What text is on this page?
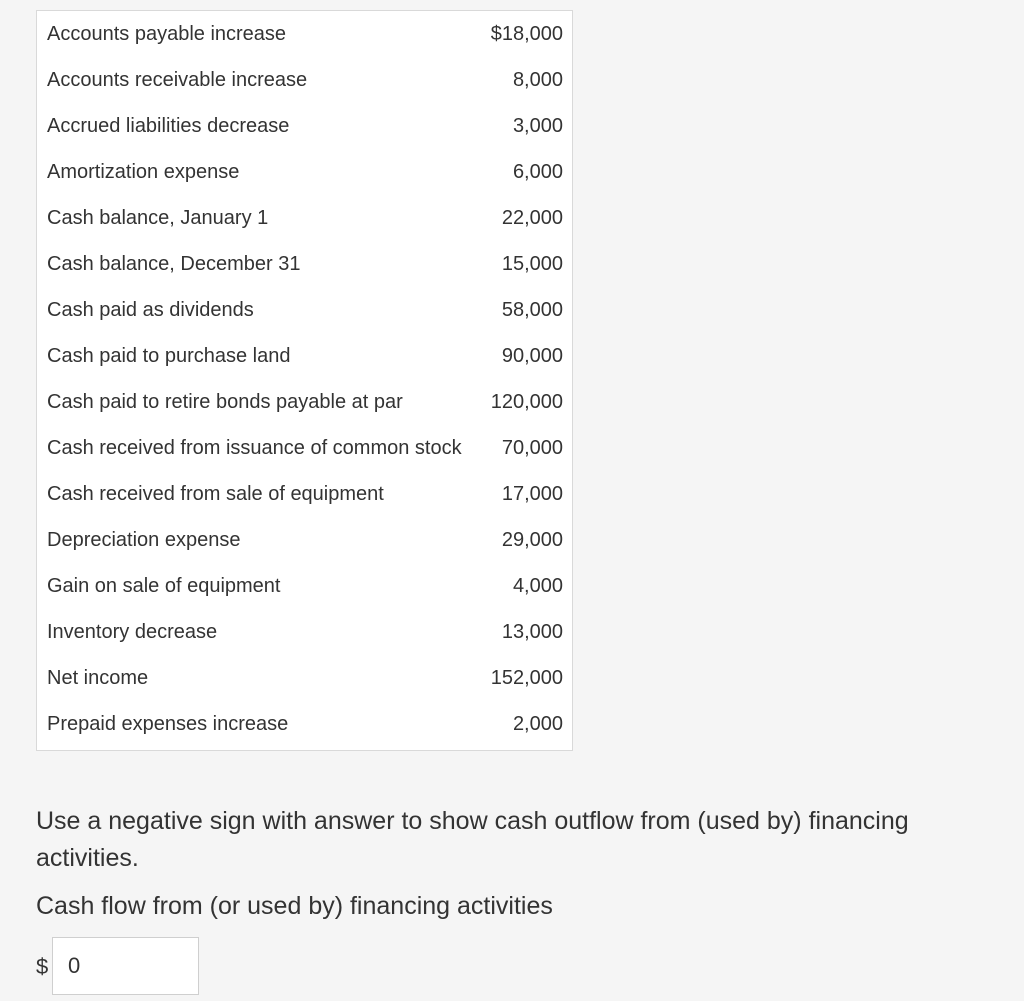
Accounts payable increase	$18,000
Accounts receivable increase	8,000
Accrued liabilities decrease	3,000
Amortization expense	6,000
Cash balance, January 1	22,000
Cash balance, December 31	15,000
Cash paid as dividends	58,000
Cash paid to purchase land	90,000
Cash paid to retire bonds payable at par	120,000
Cash received from issuance of common stock 70,000
Cash received from sale of equipment	17,000
Depreciation expense	29,000
Gain on sale of equipment	4,000
Inventory decrease	13,000
Net income	152,000
Prepaid expenses increase	2,000
Use a negative sign with answer to show cash outflow from (used by) financing activities.
Cash flow from (or used by) financing activities
$
0
